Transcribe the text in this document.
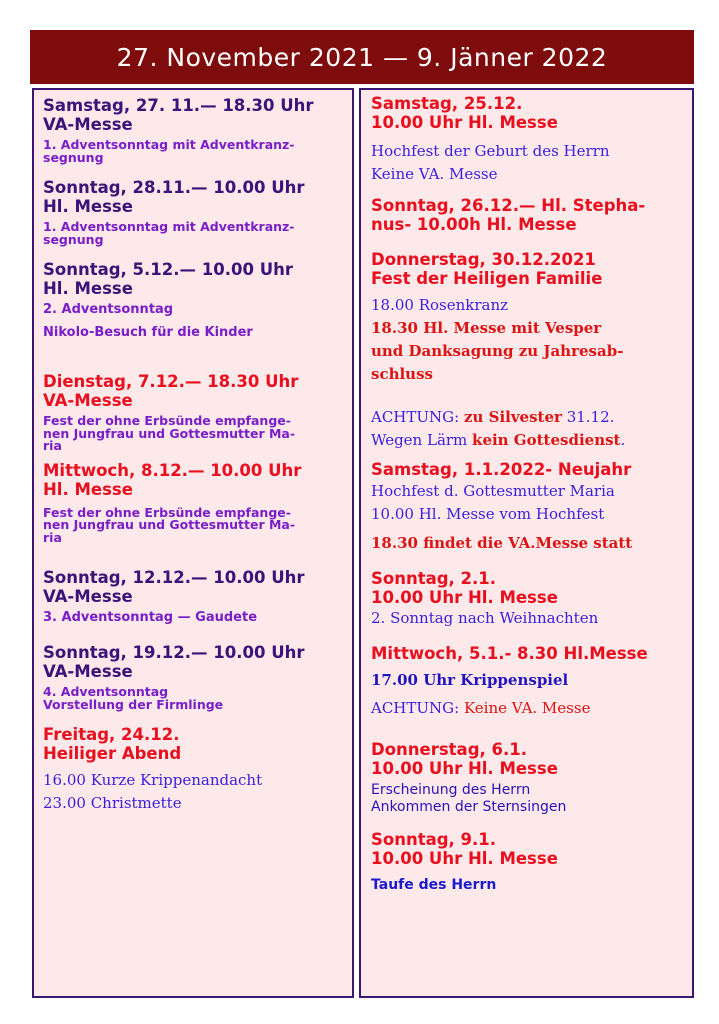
27. November 2021 — 9. Jänner 2022
Samstag, 27. 11.— 18.30 Uhr
VA-Messe
1. Adventsonntag mit Adventkranz-
segnung
Sonntag, 28.11.— 10.00 Uhr
Hl. Messe
1. Adventsonntag mit Adventkranz-
segnung
Sonntag, 5.12.— 10.00 Uhr
Hl. Messe
2. Adventsonntag
Nikolo-Besuch für die Kinder
Dienstag, 7.12.— 18.30 Uhr
VA-Messe
Fest der ohne Erbsünde empfange-
nen Jungfrau und Gottesmutter Ma-
ria
Mittwoch, 8.12.— 10.00 Uhr
Hl. Messe
Fest der ohne Erbsünde empfange-
nen Jungfrau und Gottesmutter Ma-
ria
Sonntag, 12.12.— 10.00 Uhr
VA-Messe
3. Adventsonntag — Gaudete
Sonntag, 19.12.— 10.00 Uhr
VA-Messe
4. Adventsonntag
Vorstellung der Firmlinge
Freitag, 24.12.
Heiliger Abend
16.00 Kurze Krippenandacht
23.00 Christmette
Samstag, 25.12.
10.00 Uhr Hl. Messe
Hochfest der Geburt des Herrn
Keine VA. Messe
Sonntag, 26.12.— Hl. Stepha-
nus- 10.00h Hl. Messe
Donnerstag, 30.12.2021
Fest der Heiligen Familie
18.00 Rosenkranz
18.30 Hl. Messe mit Vesper
und Danksagung zu Jahresab-
schluss
ACHTUNG: zu Silvester 31.12.
Wegen Lärm kein Gottesdienst.
Samstag, 1.1.2022- Neujahr
Hochfest d. Gottesmutter Maria
10.00 Hl. Messe vom Hochfest
18.30 findet die VA.Messe statt
Sonntag, 2.1.
10.00 Uhr Hl. Messe
2. Sonntag nach Weihnachten
Mittwoch, 5.1.- 8.30 Hl.Messe
17.00 Uhr Krippenspiel
ACHTUNG: Keine VA. Messe
Donnerstag, 6.1.
10.00 Uhr Hl. Messe
Erscheinung des Herrn
Ankommen der Sternsingen
Sonntag, 9.1.
10.00 Uhr Hl. Messe
Taufe des Herrn
